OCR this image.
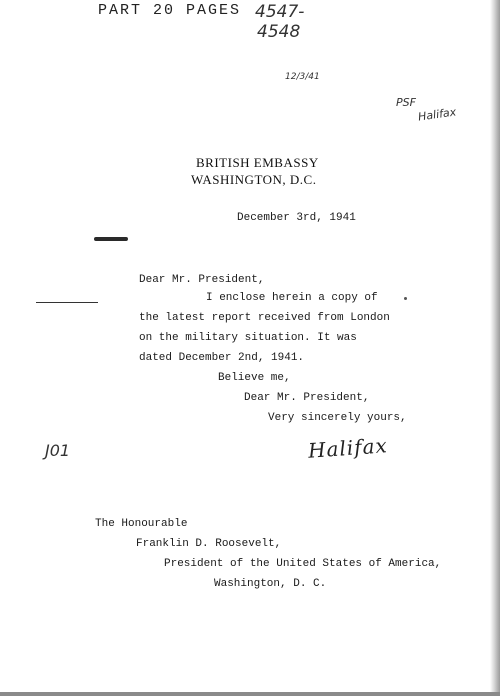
PART 20 PAGES 4547-
4548
12/3/41
PSF
Halifax
BRITISH EMBASSY
WASHINGTON, D.C.
December 3rd, 1941
Dear Mr. President,
I enclose herein a copy of
the latest report received from London
on the military situation. It was
dated December 2nd, 1941.
Believe me,
Dear Mr. President,
Very sincerely yours,
J01	Halifax
The Honourable
Franklin D. Roosevelt,
President of the United States of America,
Washington, D. C.
